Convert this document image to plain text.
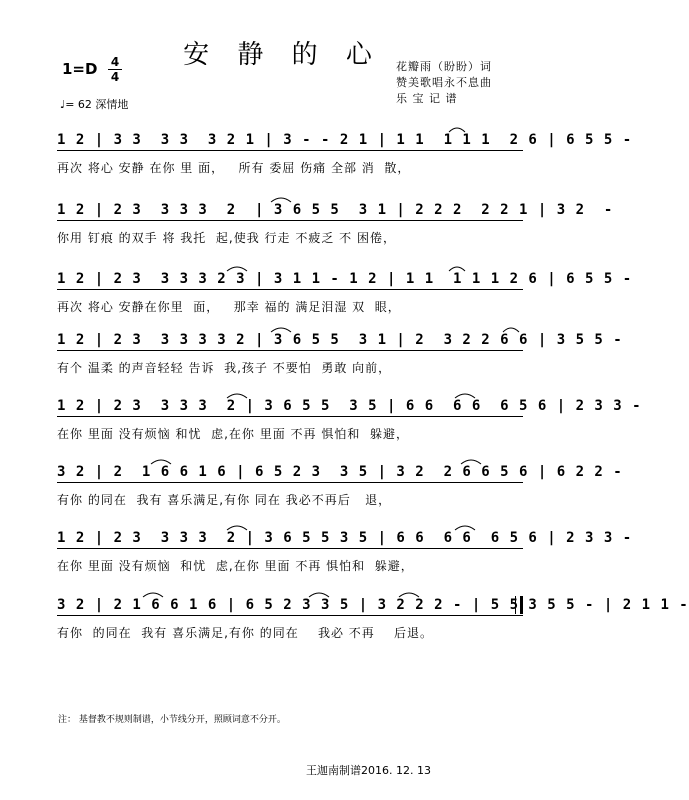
安 静 的 心
1=D 4
4
♩= 62 深情地
花瓣雨（盼盼）词
赞美歌唱永不息曲
乐 宝 记 谱
1 2 | 3 3  3 3  3 2 1 | 3 - - 2 1 | 1 1  1 1 1  2 6 | 6 5 5 -
再次 将心 安静 在你 里 面，   所有 委屈 伤痛 全部 消  散，
1 2 | 2 3  3 3 3  2  | 3 6 5 5  3 1 | 2 2 2  2 2 1 | 3 2  -
你用 钉痕 的双手 将 我托  起,使我 行走 不疲乏 不 困倦，
1 2 | 2 3  3 3 3 2 3 | 3 1 1 - 1 2 | 1 1  1 1 1 2 6 | 6 5 5 -
再次 将心 安静在你里  面，   那幸 福的 满足泪湿 双  眼，
1 2 | 2 3  3 3 3 3 2 | 3 6 5 5  3 1 | 2  3 2 2 6 6 | 3 5 5 -
有个 温柔 的声音轻轻 告诉  我,孩子 不要怕  勇敢 向前，
1 2 | 2 3  3 3 3  2 | 3 6 5 5  3 5 | 6 6  6 6  6 5 6 | 2 3 3 -
在你 里面 没有烦恼 和忧  虑,在你 里面 不再 惧怕和  躲避，
3 2 | 2  1 6 6 1 6 | 6 5 2 3  3 5 | 3 2  2 6 6 5 6 | 6 2 2 -
有你 的同在  我有 喜乐满足,有你 同在 我必不再后   退，
1 2 | 2 3  3 3 3  2 | 3 6 5 5 3 5 | 6 6  6 6  6 5 6 | 2 3 3 -
在你 里面 没有烦恼  和忧  虑,在你 里面 不再 惧怕和  躲避，
3 2 | 2 1 6 6 1 6 | 6 5 2 3 3 5 | 3 2 2 2 - | 5 5 3 5 5 - | 2 1 1 -
有你  的同在  我有 喜乐满足,有你 的同在    我必 不再    后退。
注： 基督教不规则制谱，小节线分开，照顾词意不分开。
王迦南制谱2016. 12. 13
